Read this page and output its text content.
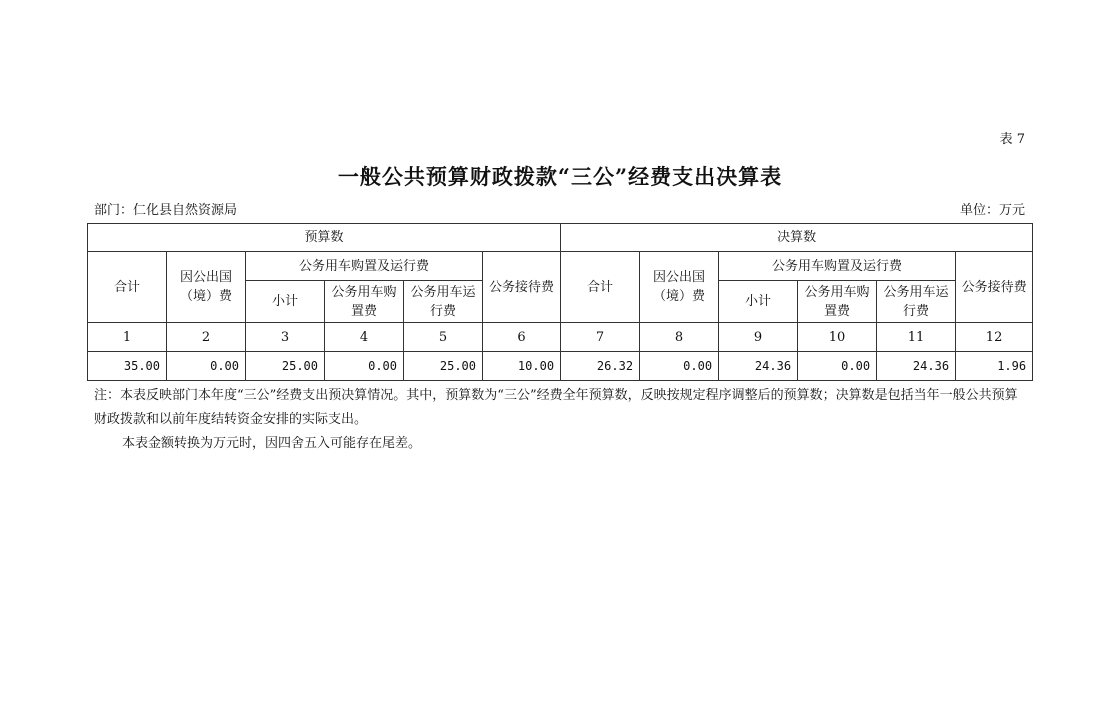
表 7
一般公共预算财政拨款“三公”经费支出决算表
部门：仁化县自然资源局	单位：万元
预算数						决算数					
合计	因公出国（境）费	公务用车购置及运行费			公务接待费	合计	因公出国（境）费	公务用车购置及运行费			公务接待费
		小计	公务用车购置费	公务用车运行费				小计	公务用车购置费	公务用车运行费	
1	2	3	4	5	6	7	8	9	10	11	12
35.00	0.00	25.00	0.00	25.00	10.00	26.32	0.00	24.36	0.00	24.36	1.96

注：本表反映部门本年度“三公”经费支出预决算情况。其中，预算数为“三公”经费全年预算数，反映按规定程序调整后的预算数；决算数是包括当年一般公共预算财政拨款和以前年度结转资金安排的实际支出。

本表金额转换为万元时，因四舍五入可能存在尾差。
